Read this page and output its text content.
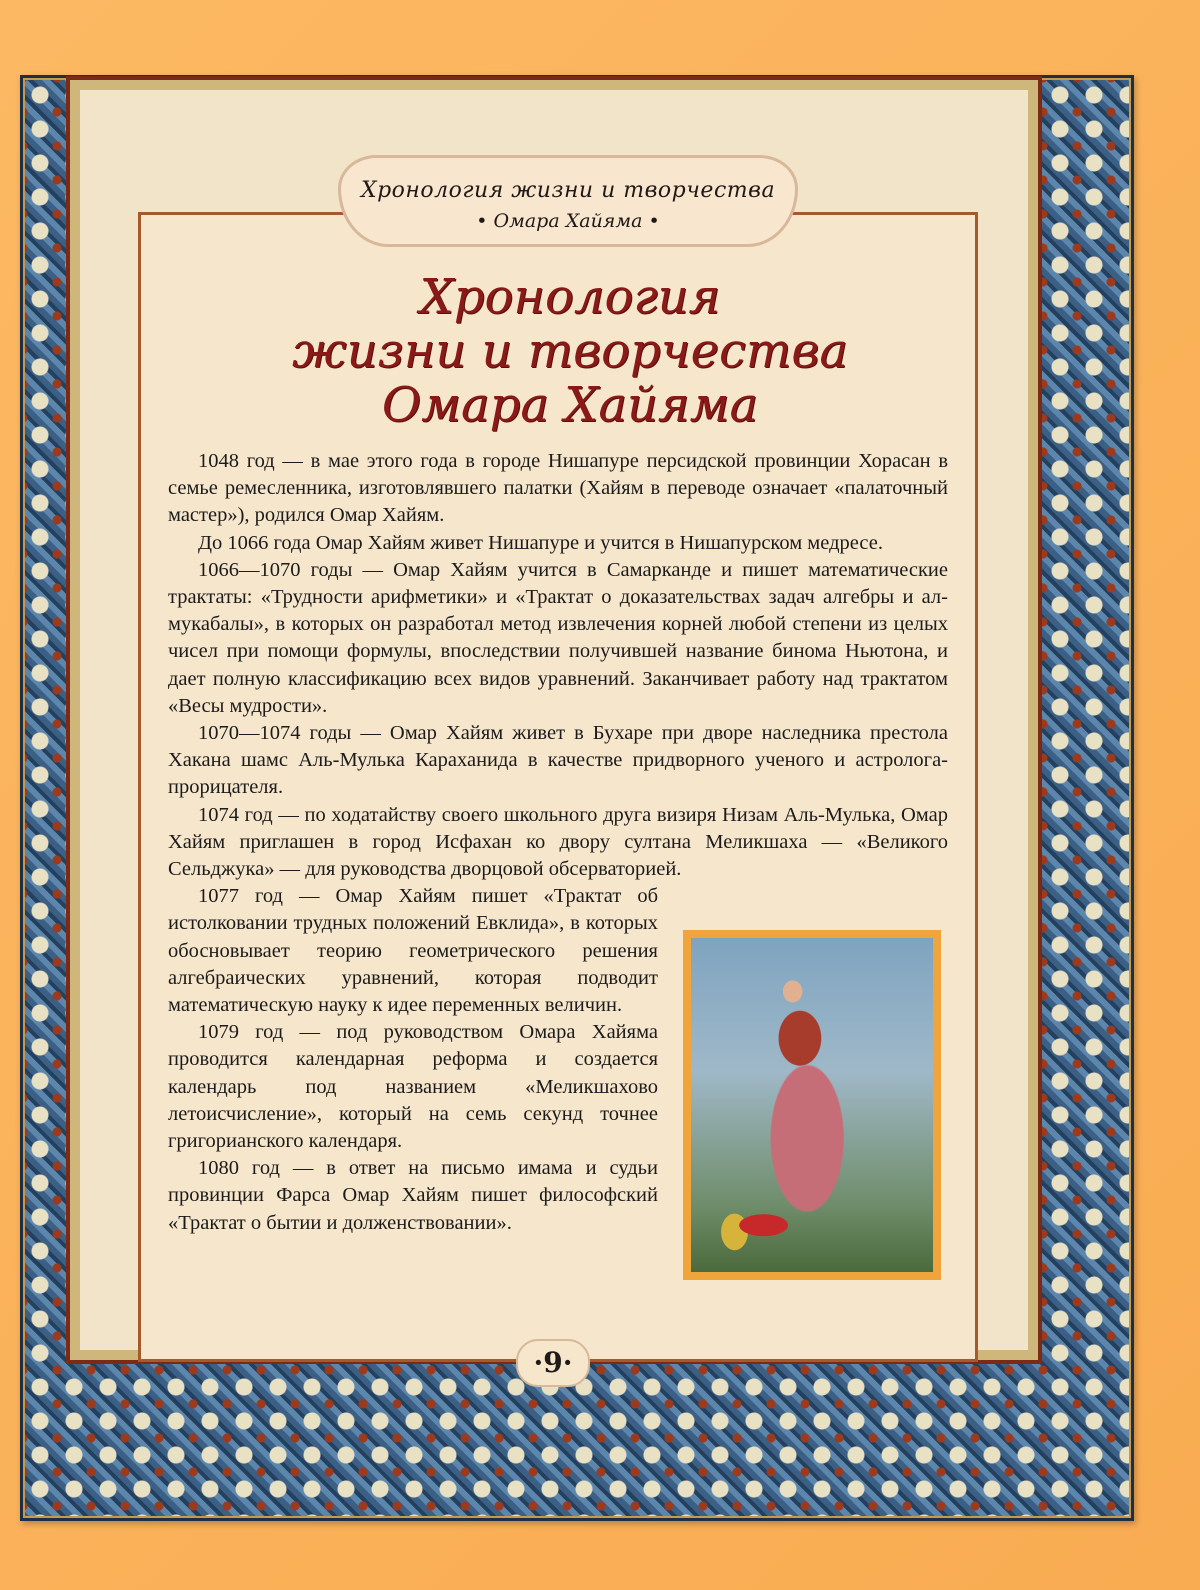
Хронология жизни и творчества
• Омара Хайяма •
Хронология
жизни и творчества
Омара Хайяма

1048 год — в мае этого года в городе Нишапуре персидской провинции Хорасан в семье ремесленника, изготовлявшего палатки (Хайям в переводе означает «палаточный мастер»), родился Омар Хайям.

До 1066 года Омар Хайям живет Нишапуре и учится в Нишапурском медресе.

1066—1070 годы — Омар Хайям учится в Самарканде и пишет математические трактаты: «Трудности арифметики» и «Трактат о доказательствах задач алгебры и ал-мукабалы», в которых он разработал метод извлечения корней любой степени из целых чисел при помощи формулы, впоследствии получившей название бинома Ньютона, и дает полную классификацию всех видов уравнений. Заканчивает работу над трактатом «Весы мудрости».

1070—1074 годы — Омар Хайям живет в Бухаре при дворе наследника престола Хакана шамс Аль-Мулька Караханида в качестве придворного ученого и астролога-прорицателя.

1074 год — по ходатайству своего школьного друга визиря Низам Аль-Мулька, Омар Хайям приглашен в город Исфахан ко двору султана Меликшаха — «Великого Сельджука» — для руководства дворцовой обсерваторией.

1077 год — Омар Хайям пишет «Трактат об истолковании трудных положений Евклида», в которых обосновывает теорию геометрического решения алгебраических уравнений, которая подводит математическую науку к идее переменных величин.

1079 год — под руководством Омара Хайяма проводится календарная реформа и создается календарь под названием «Меликшахово летоисчисление», который на семь секунд точнее григорианского календаря.

1080 год — в ответ на письмо имама и судьи провинции Фарса Омар Хайям пишет философский «Трактат о бытии и долженствовании».

·9·
